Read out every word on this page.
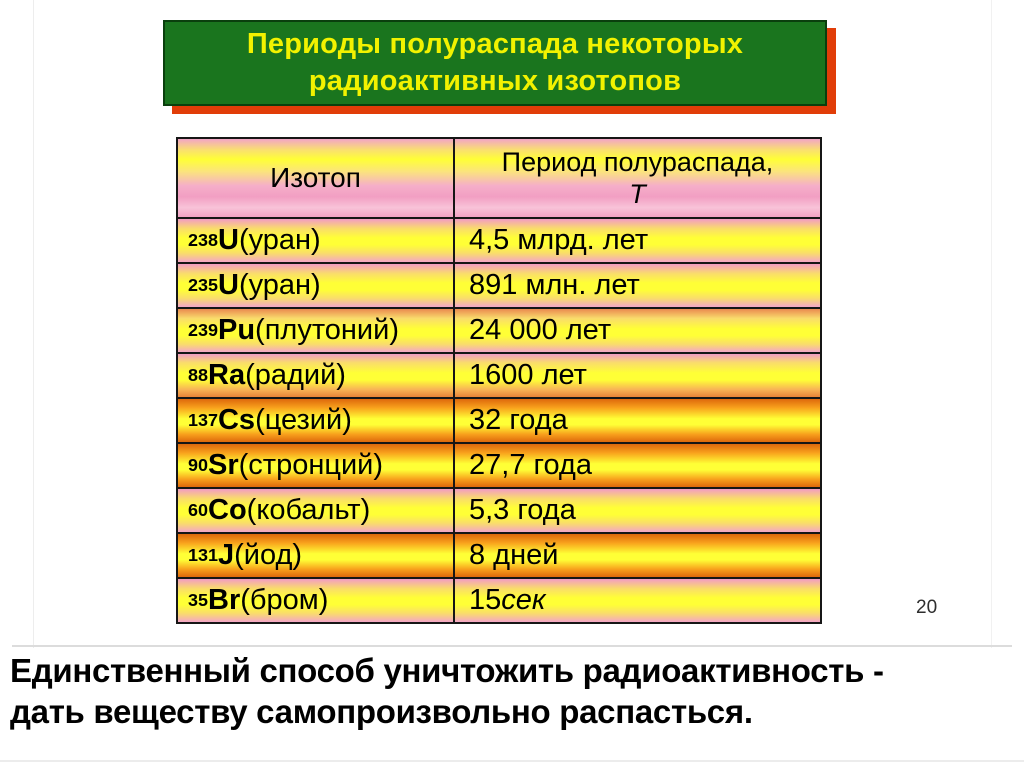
Периоды полураспада некоторых
радиоактивных изотопов
Изотоп	Период полураспада,
Т
$^{238}$ U (уран)	4,5 млрд. лет
$^{235}$ U (уран)	891 млн. лет
$^{239}$ Pu (плутоний) 24 000 лет
$^{88}$ Ra (радий)	1600 лет
$^{137}$ Cs (цезий)	32 года
$^{90}$ Sr (стронций)	27,7 года
$^{60}$ Co (кобальт)	5,3 года
$^{131}$ J (йод)	8 дней
$^{35}$ Br (бром)	15 сек	20
Единственный способ уничтожить радиоактивность -
дать веществу самопроизвольно распасться.
